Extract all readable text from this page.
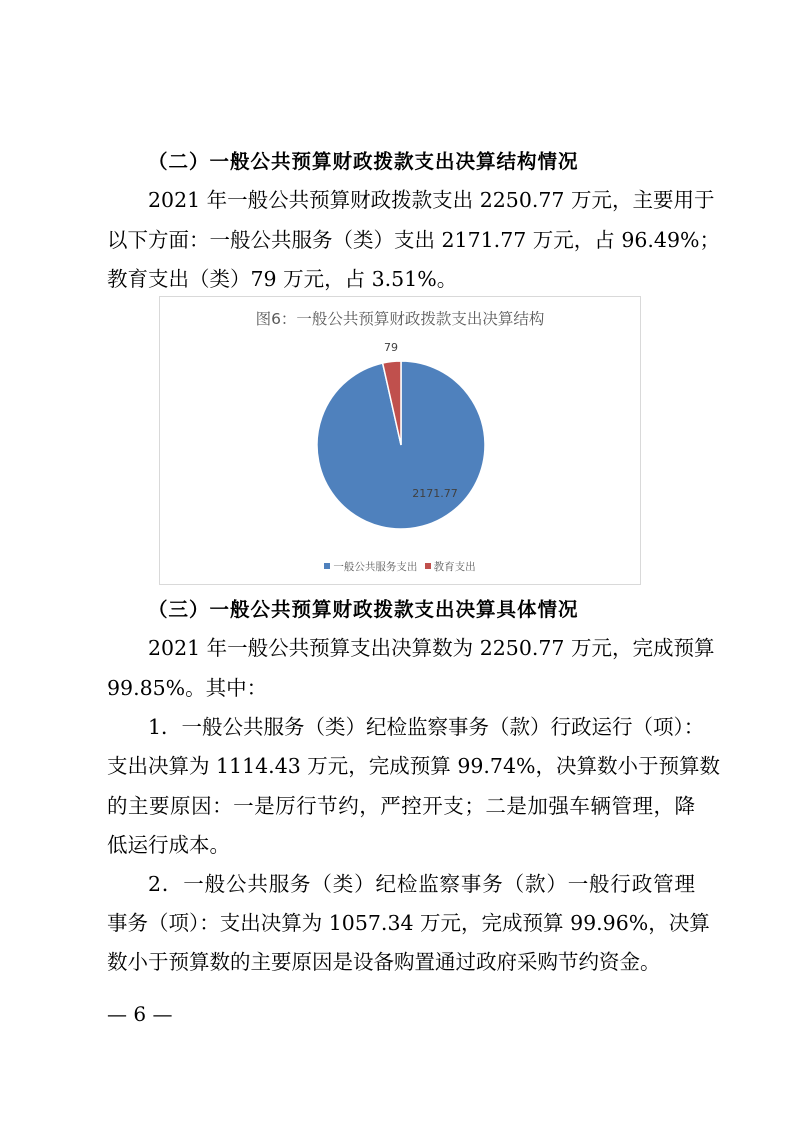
（二）一般公共预算财政拨款支出决算结构情况
2021 年一般公共预算财政拨款支出 2250.77 万元，主要用于
以下方面：一般公共服务（类）支出 2171.77 万元，占 96.49%；
教育支出（类）79 万元，占 3.51%。
2171.77
79
图6：一般公共预算财政拨款支出决算结构
一般公共服务支出 教育支出
（三）一般公共预算财政拨款支出决算具体情况
2021 年一般公共预算支出决算数为 2250.77 万元，完成预算
99.85%。其中：
1．一般公共服务（类）纪检监察事务（款）行政运行（项）：
支出决算为 1114.43 万元，完成预算 99.74%，决算数小于预算数
的主要原因：一是厉行节约，严控开支；二是加强车辆管理，降
低运行成本。
2．一般公共服务（类）纪检监察事务（款）一般行政管理
事务（项）：支出决算为 1057.34 万元，完成预算 99.96%，决算
数小于预算数的主要原因是设备购置通过政府采购节约资金。
— 6 —
